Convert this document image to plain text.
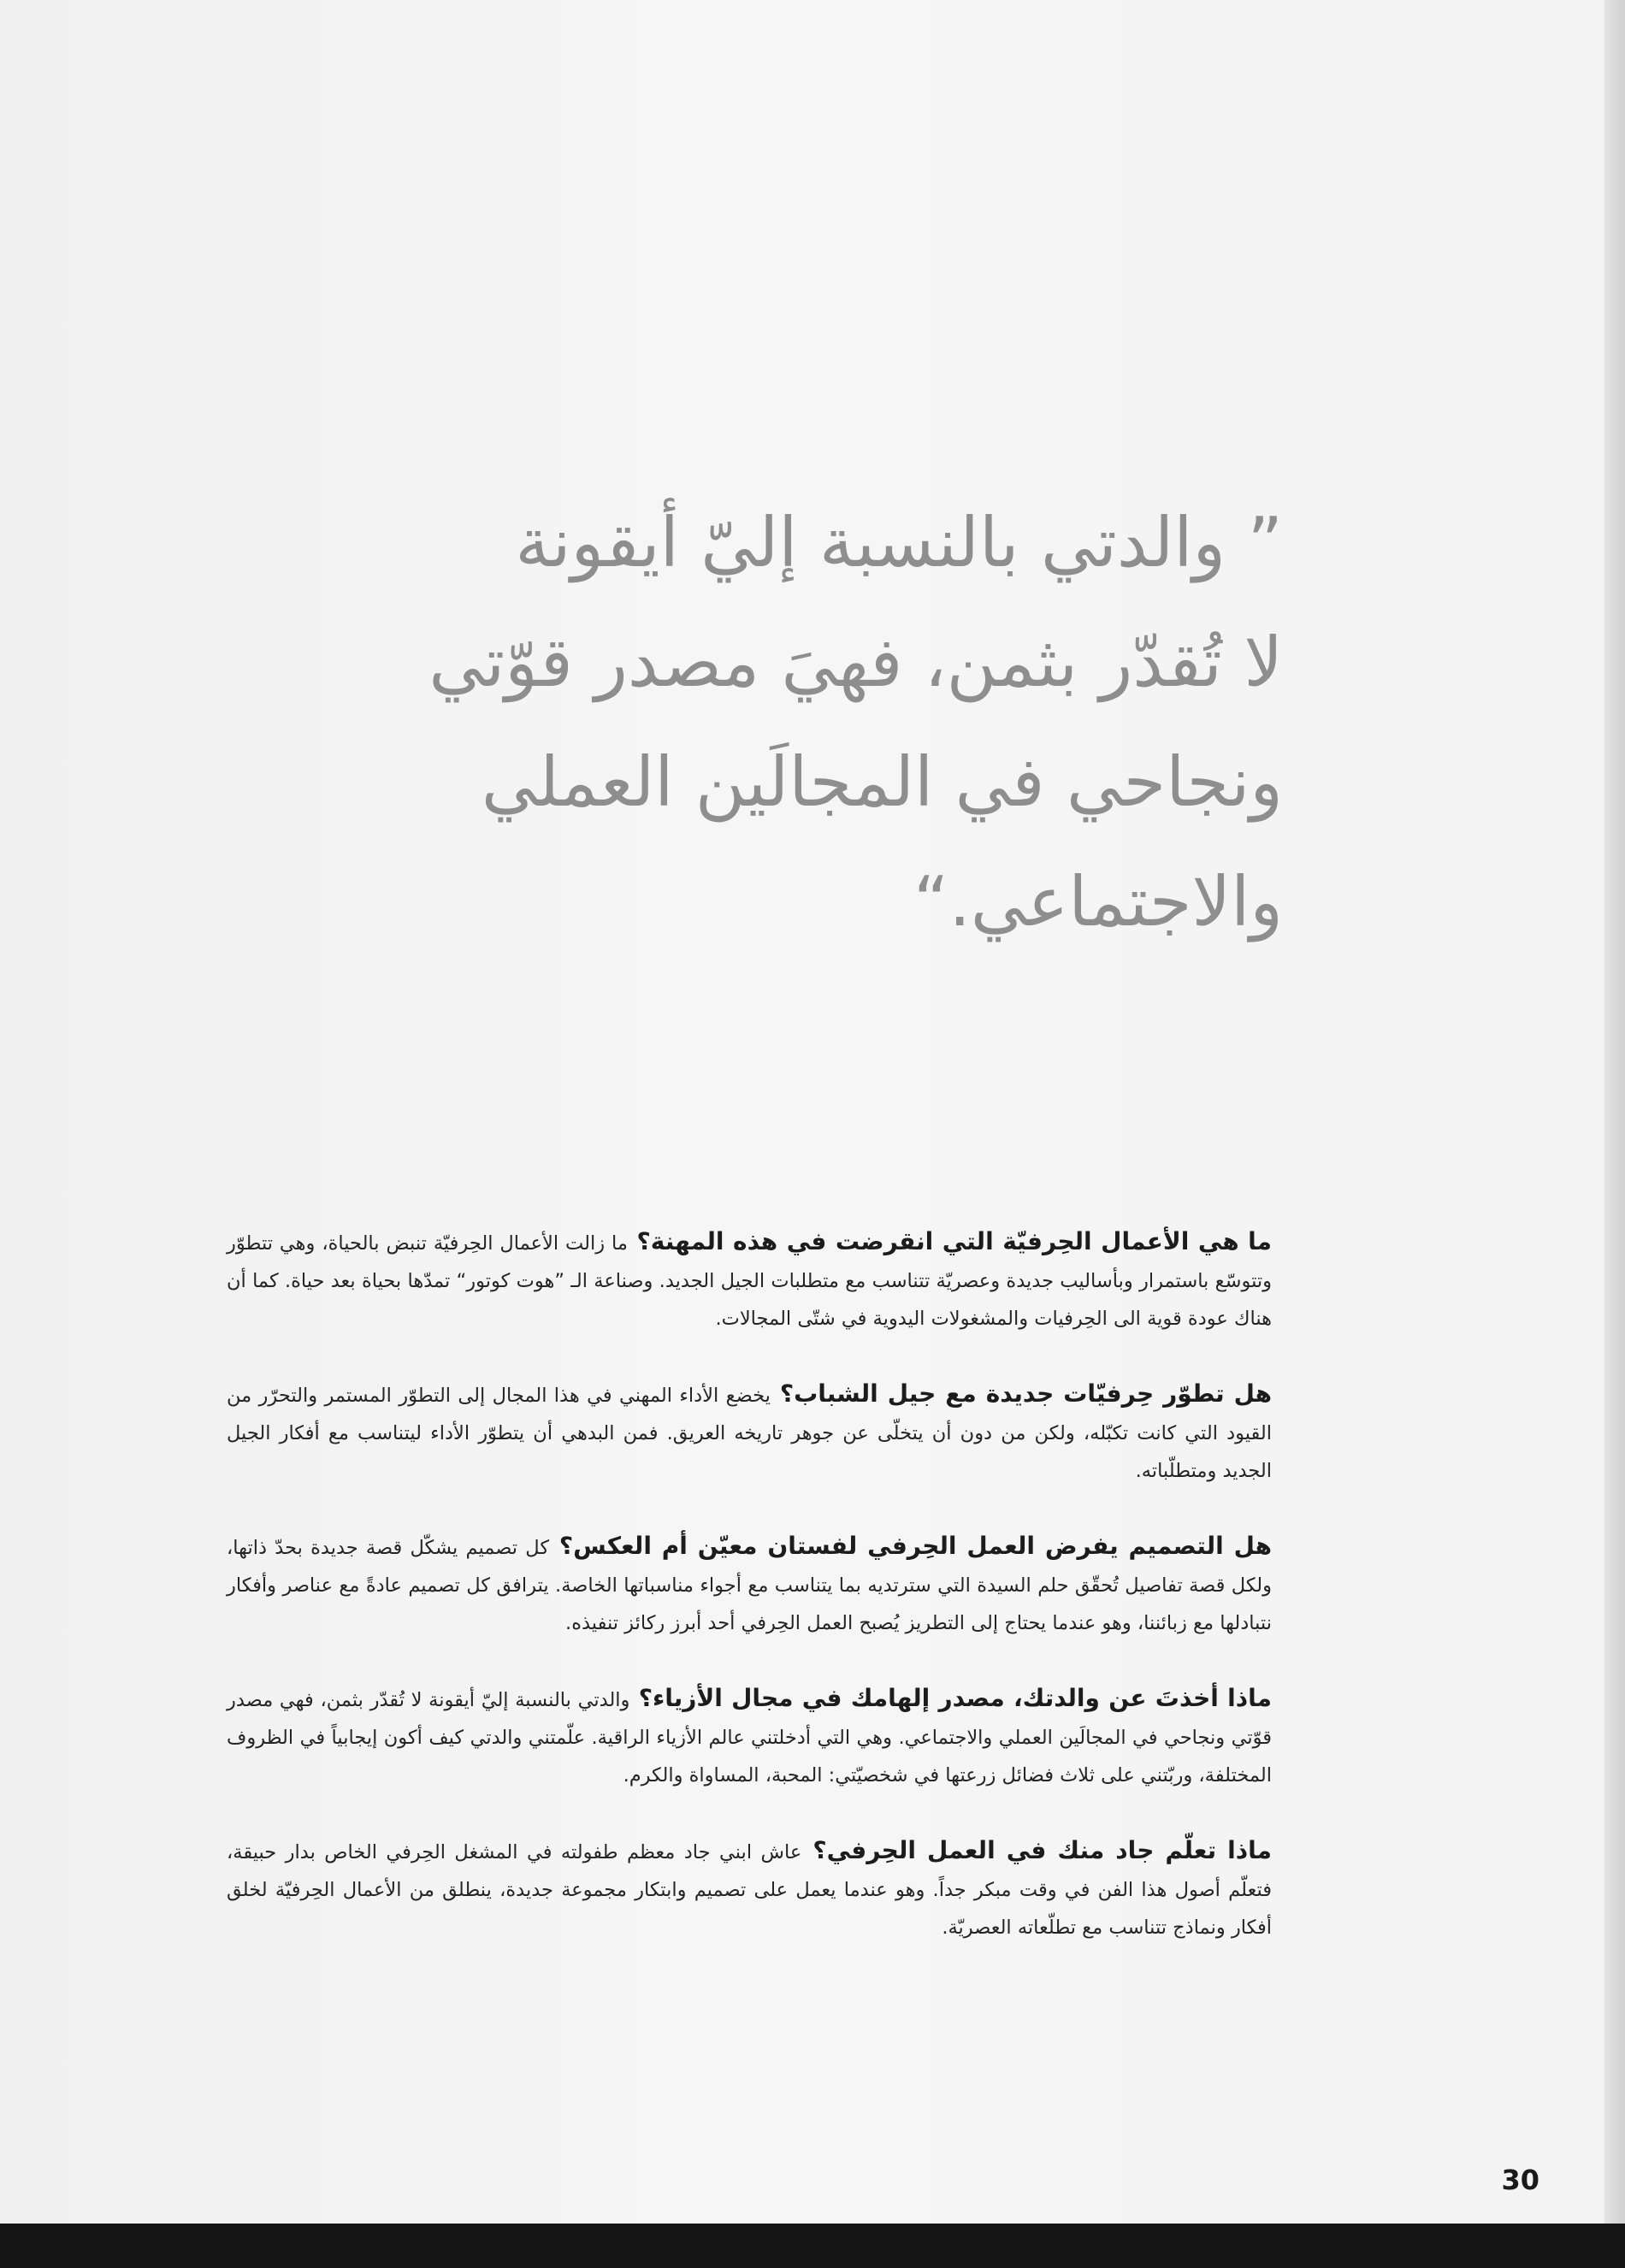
” والدتي بالنسبة إليّ أيقونة
لا تُقدّر بثمن، فهيَ مصدر قوّتي
ونجاحي في المجالَين العملي
والاجتماعي.“

ما هي الأعمال الحِرفيّة التي انقرضت في هذه المهنة؟ ما زالت الأعمال الحِرفيّة تنبض بالحياة، وهي تتطوّر وتتوسّع باستمرار وبأساليب جديدة وعصريّة تتناسب مع متطلبات الجيل الجديد. وصناعة الـ ”هوت كوتور“ تمدّها بحياة بعد حياة. كما أن هناك عودة قوية الى الحِرفيات والمشغولات اليدوية في شتّى المجالات.

هل تطوّر حِرفيّات جديدة مع جيل الشباب؟ يخضع الأداء المهني في هذا المجال إلى التطوّر المستمر والتحرّر من القيود التي كانت تكبّله، ولكن من دون أن يتخلّى عن جوهر تاريخه العريق. فمن البدهي أن يتطوّر الأداء ليتناسب مع أفكار الجيل الجديد ومتطلّباته.

هل التصميم يفرض العمل الحِرفي لفستان معيّن أم العكس؟ كل تصميم يشكّل قصة جديدة بحدّ ذاتها، ولكل قصة تفاصيل تُحقّق حلم السيدة التي سترتديه بما يتناسب مع أجواء مناسباتها الخاصة. يترافق كل تصميم عادةً مع عناصر وأفكار نتبادلها مع زبائننا، وهو عندما يحتاج إلى التطريز يُصبح العمل الحِرفي أحد أبرز ركائز تنفيذه.

ماذا أخذتَ عن والدتك، مصدر إلهامك في مجال الأزياء؟ والدتي بالنسبة إليّ أيقونة لا تُقدّر بثمن، فهي مصدر قوّتي ونجاحي في المجالَين العملي والاجتماعي. وهي التي أدخلتني عالم الأزياء الراقية. علّمتني والدتي كيف أكون إيجابياً في الظروف المختلفة، وربّتني على ثلاث فضائل زرعتها في شخصيّتي: المحبة، المساواة والكرم.

ماذا تعلّم جاد منك في العمل الحِرفي؟ عاش ابني جاد معظم طفولته في المشغل الحِرفي الخاص بدار حبيقة، فتعلّم أصول هذا الفن في وقت مبكر جداً. وهو عندما يعمل على تصميم وابتكار مجموعة جديدة، ينطلق من الأعمال الحِرفيّة لخلق أفكار ونماذج تتناسب مع تطلّعاته العصريّة.

30
